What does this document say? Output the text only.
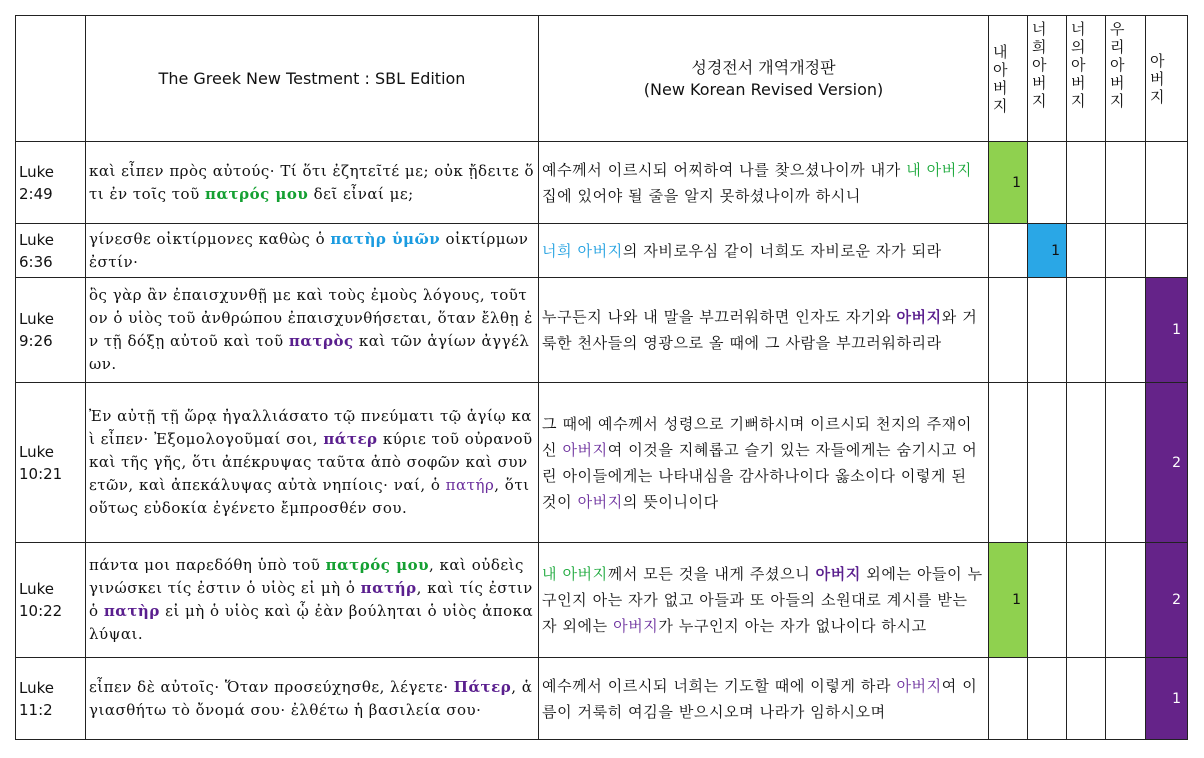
	The Greek New Testment : SBL Edition	성경전서 개역개정판
(New Korean Revised Version)	내아버지	너희아버지	너의아버지	우리아버지	아버지

Luke 2:49	καὶ εἶπεν πρὸς αὐτούς· Τί ὅτι ἐζητεῖτέ με; οὐκ ᾔδειτε ὅτι ἐν τοῖς τοῦ πατρός μου δεῖ εἶναί με;	예수께서 이르시되 어찌하여 나를 찾으셨나이까 내가 내 아버지 집에 있어야 될 줄을 알지 못하셨나이까 하시니	1				
Luke 6:36	γίνεσθε οἰκτίρμονες καθὼς ὁ πατὴρ ὑμῶν οἰκτίρμων ἐστίν·	너희 아버지의 자비로우심 같이 너희도 자비로운 자가 되라		1			
Luke 9:26	ὃς γὰρ ἂν ἐπαισχυνθῇ με καὶ τοὺς ἐμοὺς λόγους, τοῦτον ὁ υἱὸς τοῦ ἀνθρώπου ἐπαισχυνθήσεται, ὅταν ἔλθῃ ἐν τῇ δόξῃ αὐτοῦ καὶ τοῦ πατρὸς καὶ τῶν ἁγίων ἀγγέλων.	누구든지 나와 내 말을 부끄러워하면 인자도 자기와 아버지와 거룩한 천사들의 영광으로 올 때에 그 사람을 부끄러워하리라					1
Luke 10:21	Ἐν αὐτῇ τῇ ὥρᾳ ἠγαλλιάσατο τῷ πνεύματι τῷ ἁγίῳ καὶ εἶπεν· Ἐξομολογοῦμαί σοι, πάτερ κύριε τοῦ οὐρανοῦ καὶ τῆς γῆς, ὅτι ἀπέκρυψας ταῦτα ἀπὸ σοφῶν καὶ συνετῶν, καὶ ἀπεκάλυψας αὐτὰ νηπίοις· ναί, ὁ πατήρ, ὅτι οὕτως εὐδοκία ἐγένετο ἔμπροσθέν σου.	그 때에 예수께서 성령으로 기뻐하시며 이르시되 천지의 주재이신 아버지여 이것을 지혜롭고 슬기 있는 자들에게는 숨기시고 어린 아이들에게는 나타내심을 감사하나이다 옳소이다 이렇게 된 것이 아버지의 뜻이니이다					2
Luke 10:22	πάντα μοι παρεδόθη ὑπὸ τοῦ πατρός μου, καὶ οὐδεὶς γινώσκει τίς ἐστιν ὁ υἱὸς εἰ μὴ ὁ πατήρ, καὶ τίς ἐστιν ὁ πατὴρ εἰ μὴ ὁ υἱὸς καὶ ᾧ ἐὰν βούληται ὁ υἱὸς ἀποκαλύψαι.	내 아버지께서 모든 것을 내게 주셨으니 아버지 외에는 아들이 누구인지 아는 자가 없고 아들과 또 아들의 소원대로 계시를 받는 자 외에는 아버지가 누구인지 아는 자가 없나이다 하시고	1				2
Luke 11:2	εἶπεν δὲ αὐτοῖς· Ὅταν προσεύχησθε, λέγετε· Πάτερ, ἁγιασθήτω τὸ ὄνομά σου· ἐλθέτω ἡ βασιλεία σου·	예수께서 이르시되 너희는 기도할 때에 이렇게 하라 아버지여 이름이 거룩히 여김을 받으시오며 나라가 임하시오며					1
